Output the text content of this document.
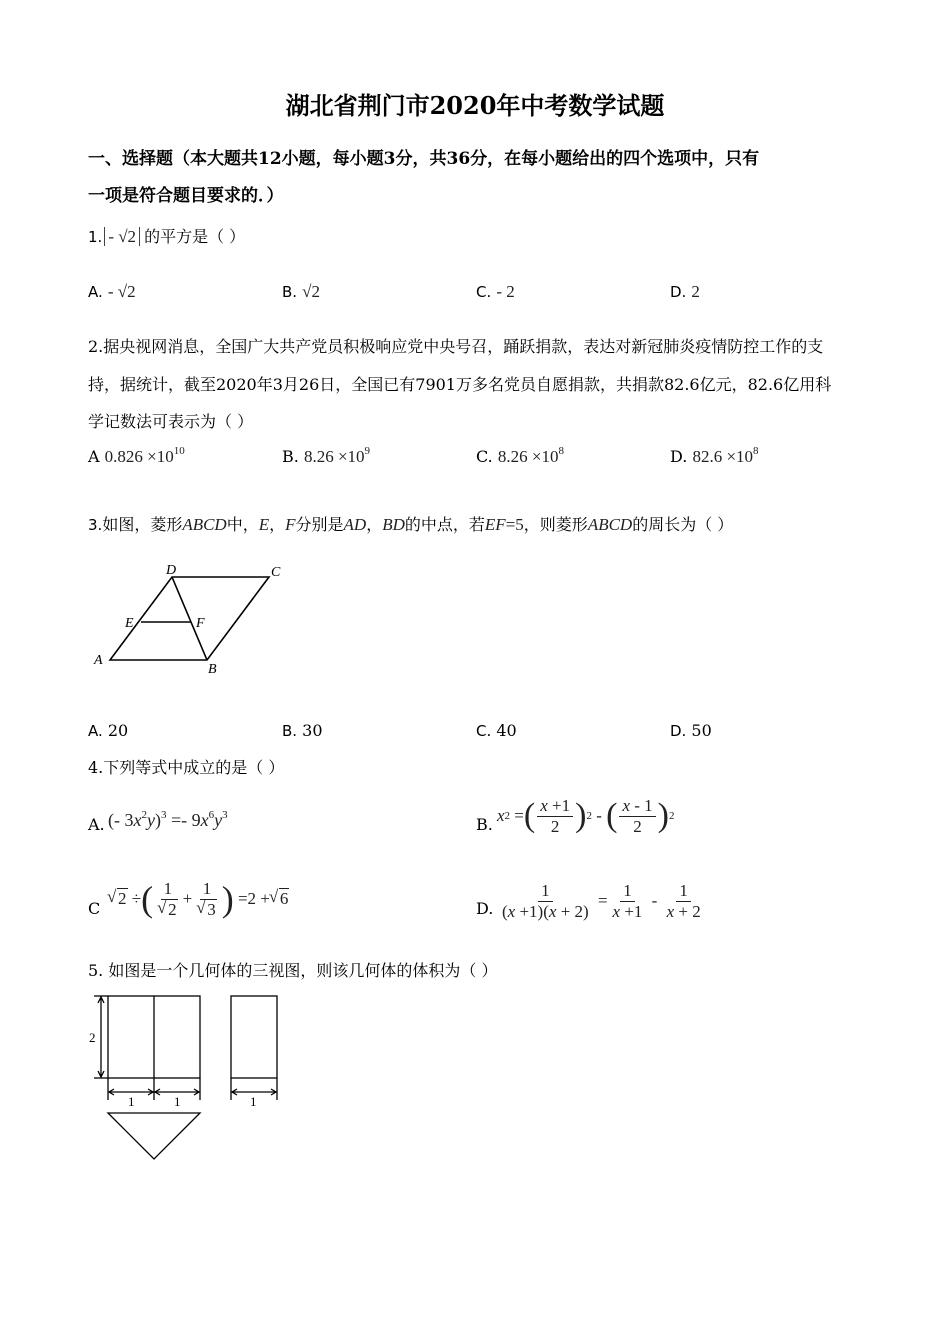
湖北省荆门市2020年中考数学试题
一、选择题（本大题共12小题，每小题3分，共36分，在每小题给出的四个选项中，只有
一项是符合题目要求的．）
1. - √2 的平方是（ ）
A. - √2	B. √2	C. - 2	D. 2
2.据央视网消息，全国广大共产党员积极响应党中央号召，踊跃捐款，表达对新冠肺炎疫情防控工作的支
持，据统计，截至2020年3月26日，全国已有7901万多名党员自愿捐款，共捐款82.6亿元，82.6亿用科
学记数法可表示为（ ）
A $0.826 \times 10^{10}$	B. $8.26 \times 10^9$	C. $8.26 \times 10^8$	D. $82.6 \times 10^8$
3.如图，菱形ABCD中，E，F分别是AD，BD的中点，若EF=5，则菱形ABCD的周长为（ ）
D	C
E	F
A
B
A. 20	B. 30	C. 40	D. 50
4.下列等式中成立的是（ ）
A. (- $3x^2y)^3 =- 9x^6y^3$	B. x 2 = ( $\frac{x +1}{2}$ ) 2 - ( $\frac{x - 1}{2}$ ) 2
C
√ 2 ÷ ( 1
√ 2 + 1
√ 3 ) =2 +
√ 6
D. $\frac{1}{(x +1)(x + 2)} = \frac{1}{x +1} - \frac{1}{x + 2}$
5. 如图是一个几何体的三视图，则该几何体的体积为（ ）
2
1	1	1
